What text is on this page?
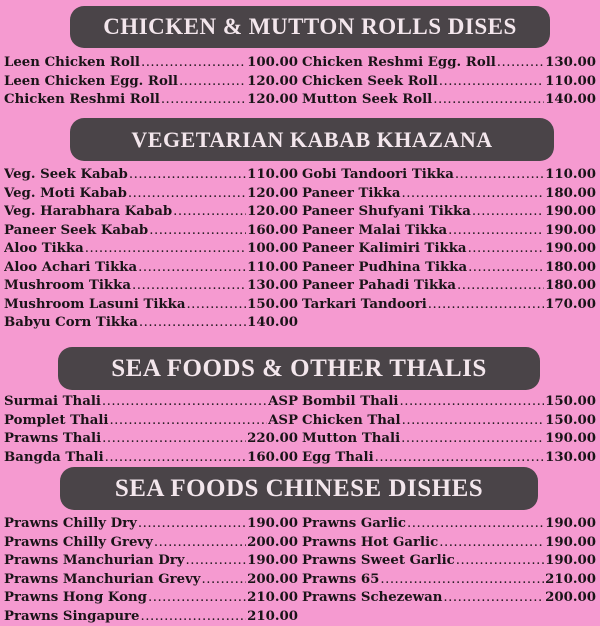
CHICKEN & MUTTON ROLLS DISES
Leen Chicken Roll .....	100.00
Leen Chicken Egg. Roll .....	120.00
Chicken Reshmi Roll .....	120.00
Chicken Reshmi Egg. Roll .....	130.00
Chicken Seek Roll .....	110.00
Mutton Seek Roll .....	140.00
VEGETARIAN KABAB KHAZANA
Veg. Seek Kabab .....	110.00
Veg. Moti Kabab .....	120.00
Veg. Harabhara Kabab .....	120.00
Paneer Seek Kabab .....	160.00
Aloo Tikka .....	100.00
Aloo Achari Tikka .....	110.00
Mushroom Tikka .....	130.00
Mushroom Lasuni Tikka .....	150.00
Babyu Corn Tikka .....	140.00
Gobi Tandoori Tikka .....	110.00
Paneer Tikka .....	180.00
Paneer Shufyani Tikka .....	190.00
Paneer Malai Tikka .....	190.00
Paneer Kalimiri Tikka .....	190.00
Paneer Pudhina Tikka .....	180.00
Paneer Pahadi Tikka .....	180.00
Tarkari Tandoori .....	170.00
SEA FOODS & OTHER THALIS
Surmai Thali .....	ASP
Pomplet Thali .....	ASP
Prawns Thali .....	220.00
Bangda Thali .....	160.00
Bombil Thali .....	150.00
Chicken Thal .....	150.00
Mutton Thali .....	190.00
Egg Thali .....	130.00
SEA FOODS CHINESE DISHES
Prawns Chilly Dry .....	190.00
Prawns Chilly Grevy .....	200.00
Prawns Manchurian Dry .....	190.00
Prawns Manchurian Grevy .....	200.00
Prawns Hong Kong .....	210.00
Prawns Singapure .....	210.00
Prawns Garlic .....	190.00
Prawns Hot Garlic .....	190.00
Prawns Sweet Garlic .....	190.00
Prawns 65 .....	210.00
Prawns Schezewan .....	200.00
